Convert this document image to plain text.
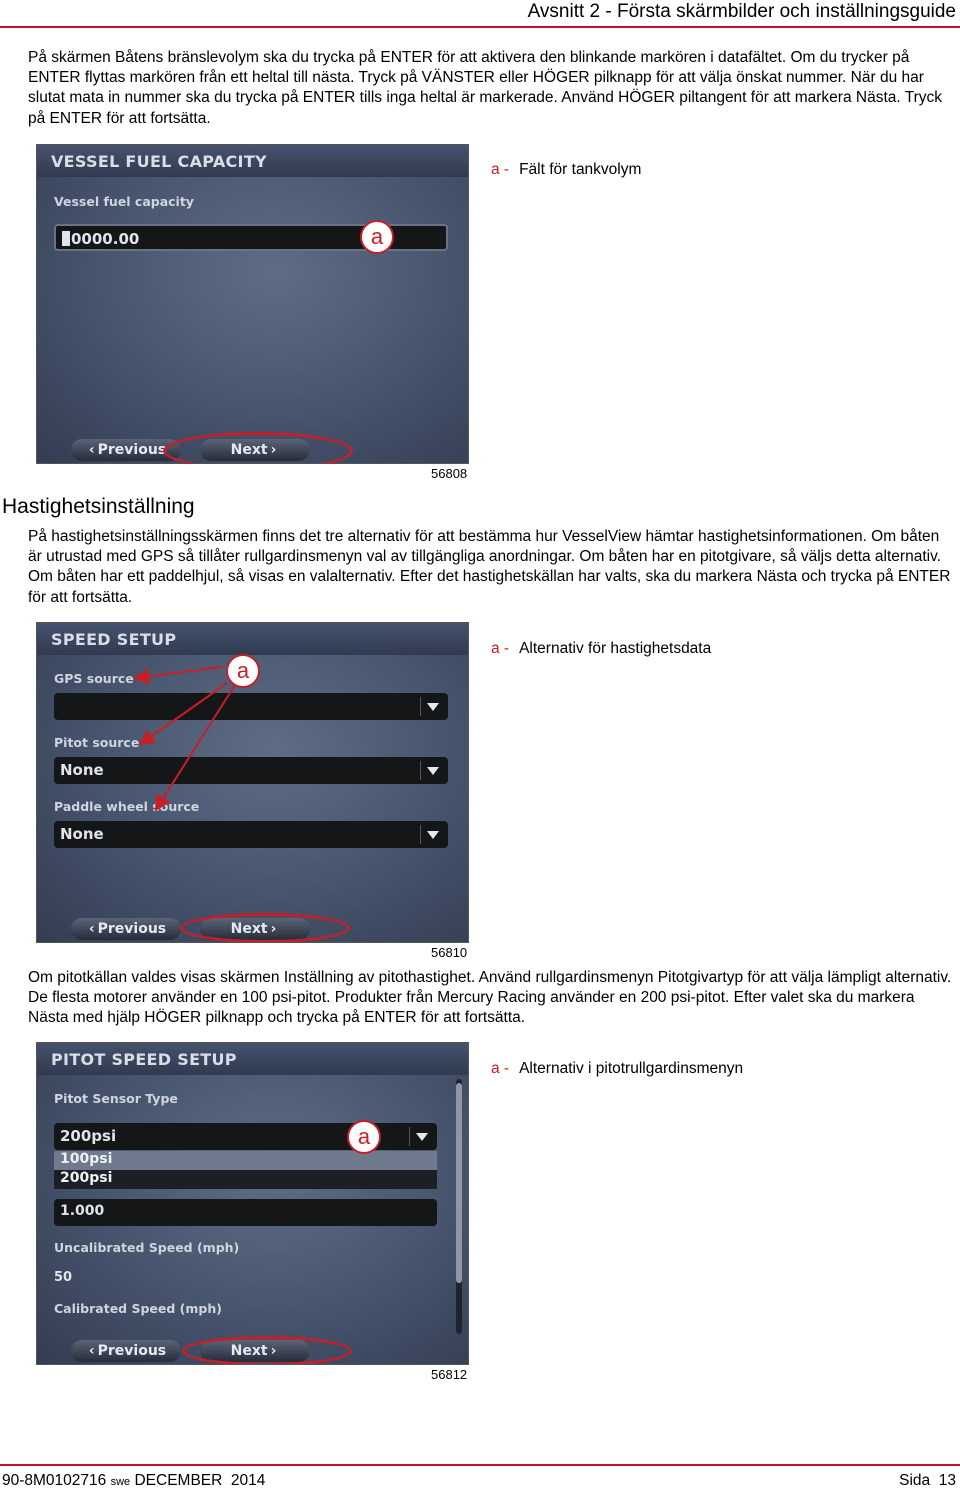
Avsnitt 2 - Första skärmbilder och inställningsguide
På skärmen Båtens bränslevolym ska du trycka på ENTER för att aktivera den blinkande markören i datafältet. Om du trycker på ENTER flyttas markören från ett heltal till nästa. Tryck på VÄNSTER eller HÖGER pilknapp för att välja önskat nummer. När du har slutat mata in nummer ska du trycka på ENTER tills inga heltal är markerade. Använd HÖGER piltangent för att markera Nästa. Tryck på ENTER för att fortsätta.
VESSEL FUEL CAPACITY
Vessel fuel capacity
0000.00
‹ Previous	Next ›
a
a - Fält för tankvolym
56808
Hastighetsinställning
På hastighetsinställningsskärmen finns det tre alternativ för att bestämma hur VesselView hämtar hastighetsinformationen. Om båten är utrustad med GPS så tillåter rullgardinsmenyn val av tillgängliga anordningar. Om båten har en pitotgivare, så väljs detta alternativ. Om båten har ett paddelhjul, så visas en valalternativ. Efter det hastighetskällan har valts, ska du markera Nästa och trycka på ENTER för att fortsätta.
SPEED SETUP
GPS source
Pitot source
None
Paddle wheel source
None
‹ Previous	Next ›
a
a - Alternativ för hastighetsdata
56810
Om pitotkällan valdes visas skärmen Inställning av pitothastighet. Använd rullgardinsmenyn Pitotgivartyp för att välja lämpligt alternativ. De flesta motorer använder en 100 psi-pitot. Produkter från Mercury Racing använder en 200 psi-pitot. Efter valet ska du markera Nästa med hjälp HÖGER pilknapp och trycka på ENTER för att fortsätta.
PITOT SPEED SETUP
Pitot Sensor Type
200psi
100psi
200psi
1.000
Uncalibrated Speed (mph)
50
Calibrated Speed (mph)
‹ Previous	Next ›
a
a - Alternativ i pitotrullgardinsmenyn
56812
90-8M0102716 swe DECEMBER  2014	Sida  13
